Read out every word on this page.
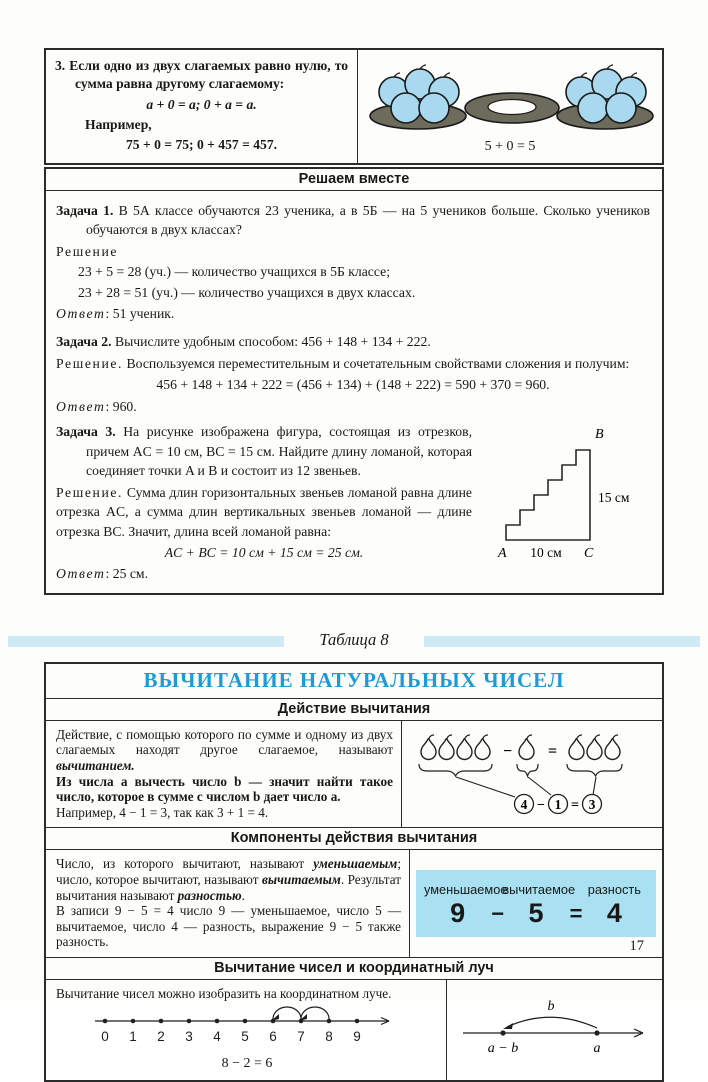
3. Если одно из двух слагаемых равно нулю, то сумма равна другому слагаемому:

a + 0 = a; 0 + a = a.

Например,

75 + 0 = 75; 0 + 457 = 457.	5 + 0 = 5
Решаем вместе

Задача 1. В 5А классе обучаются 23 ученика, а в 5Б — на 5 учеников больше. Сколько учеников обучаются в двух классах?

Решение

23 + 5 = 28 (уч.) — количество учащихся в 5Б классе;

23 + 28 = 51 (уч.) — количество учащихся в двух классах.

Ответ: 51 ученик.

Задача 2. Вычислите удобным способом: 456 + 148 + 134 + 222.

Решение. Воспользуемся переместительным и сочетательным свойствами сложения и получим:

456 + 148 + 134 + 222 = (456 + 134) + (148 + 222) = 590 + 370 = 960.

Ответ: 960.

B
A	C
15 см
10 см

Задача 3. На рисунке изображена фигура, состоящая из отрезков, причем AC = 10 см, BC = 15 см. Найдите длину ломаной, которая соединяет точки A и B и состоит из 12 звеньев.

Решение. Сумма длин горизонтальных звеньев ломаной равна длине отрезка AC, а сумма длин вертикальных звеньев ломаной — длине отрезка BC. Значит, длина всей ломаной равна:

AC + BC = 10 см + 15 см = 25 см.

Ответ: 25 см.

Таблица 8
ВЫЧИТАНИЕ НАТУРАЛЬНЫХ ЧИСЕЛ
Действие вычитания

Действие, с помощью которого по сумме и одному из двух слагаемых находят другое слагаемое, называют вычитанием.

Из числа a вычесть число b — значит найти такое число, которое в сумме с числом b дает число a.

Например, 4 − 1 = 3, так как 3 + 1 = 4.

− =
4 − 1 = 3
Компоненты действия вычитания

Число, из которого вычитают, называют уменьшаемым; число, которое вычитают, называют вычитаемым. Результат вычитания называют разностью.

В записи 9 − 5 = 4 число 9 — уменьшаемое, число 5 — вычитаемое, число 4 — разность, выражение 9 − 5 также разность.

уменьшаемое
вычитаемое разность
9	− 5	= 4
Вычитание чисел и координатный луч

Вычитание чисел можно изобразить на координатном луче.

0 1 2 3 4 5 6 7 8 9
8 − 2 = 6
b
a − b	a
17
